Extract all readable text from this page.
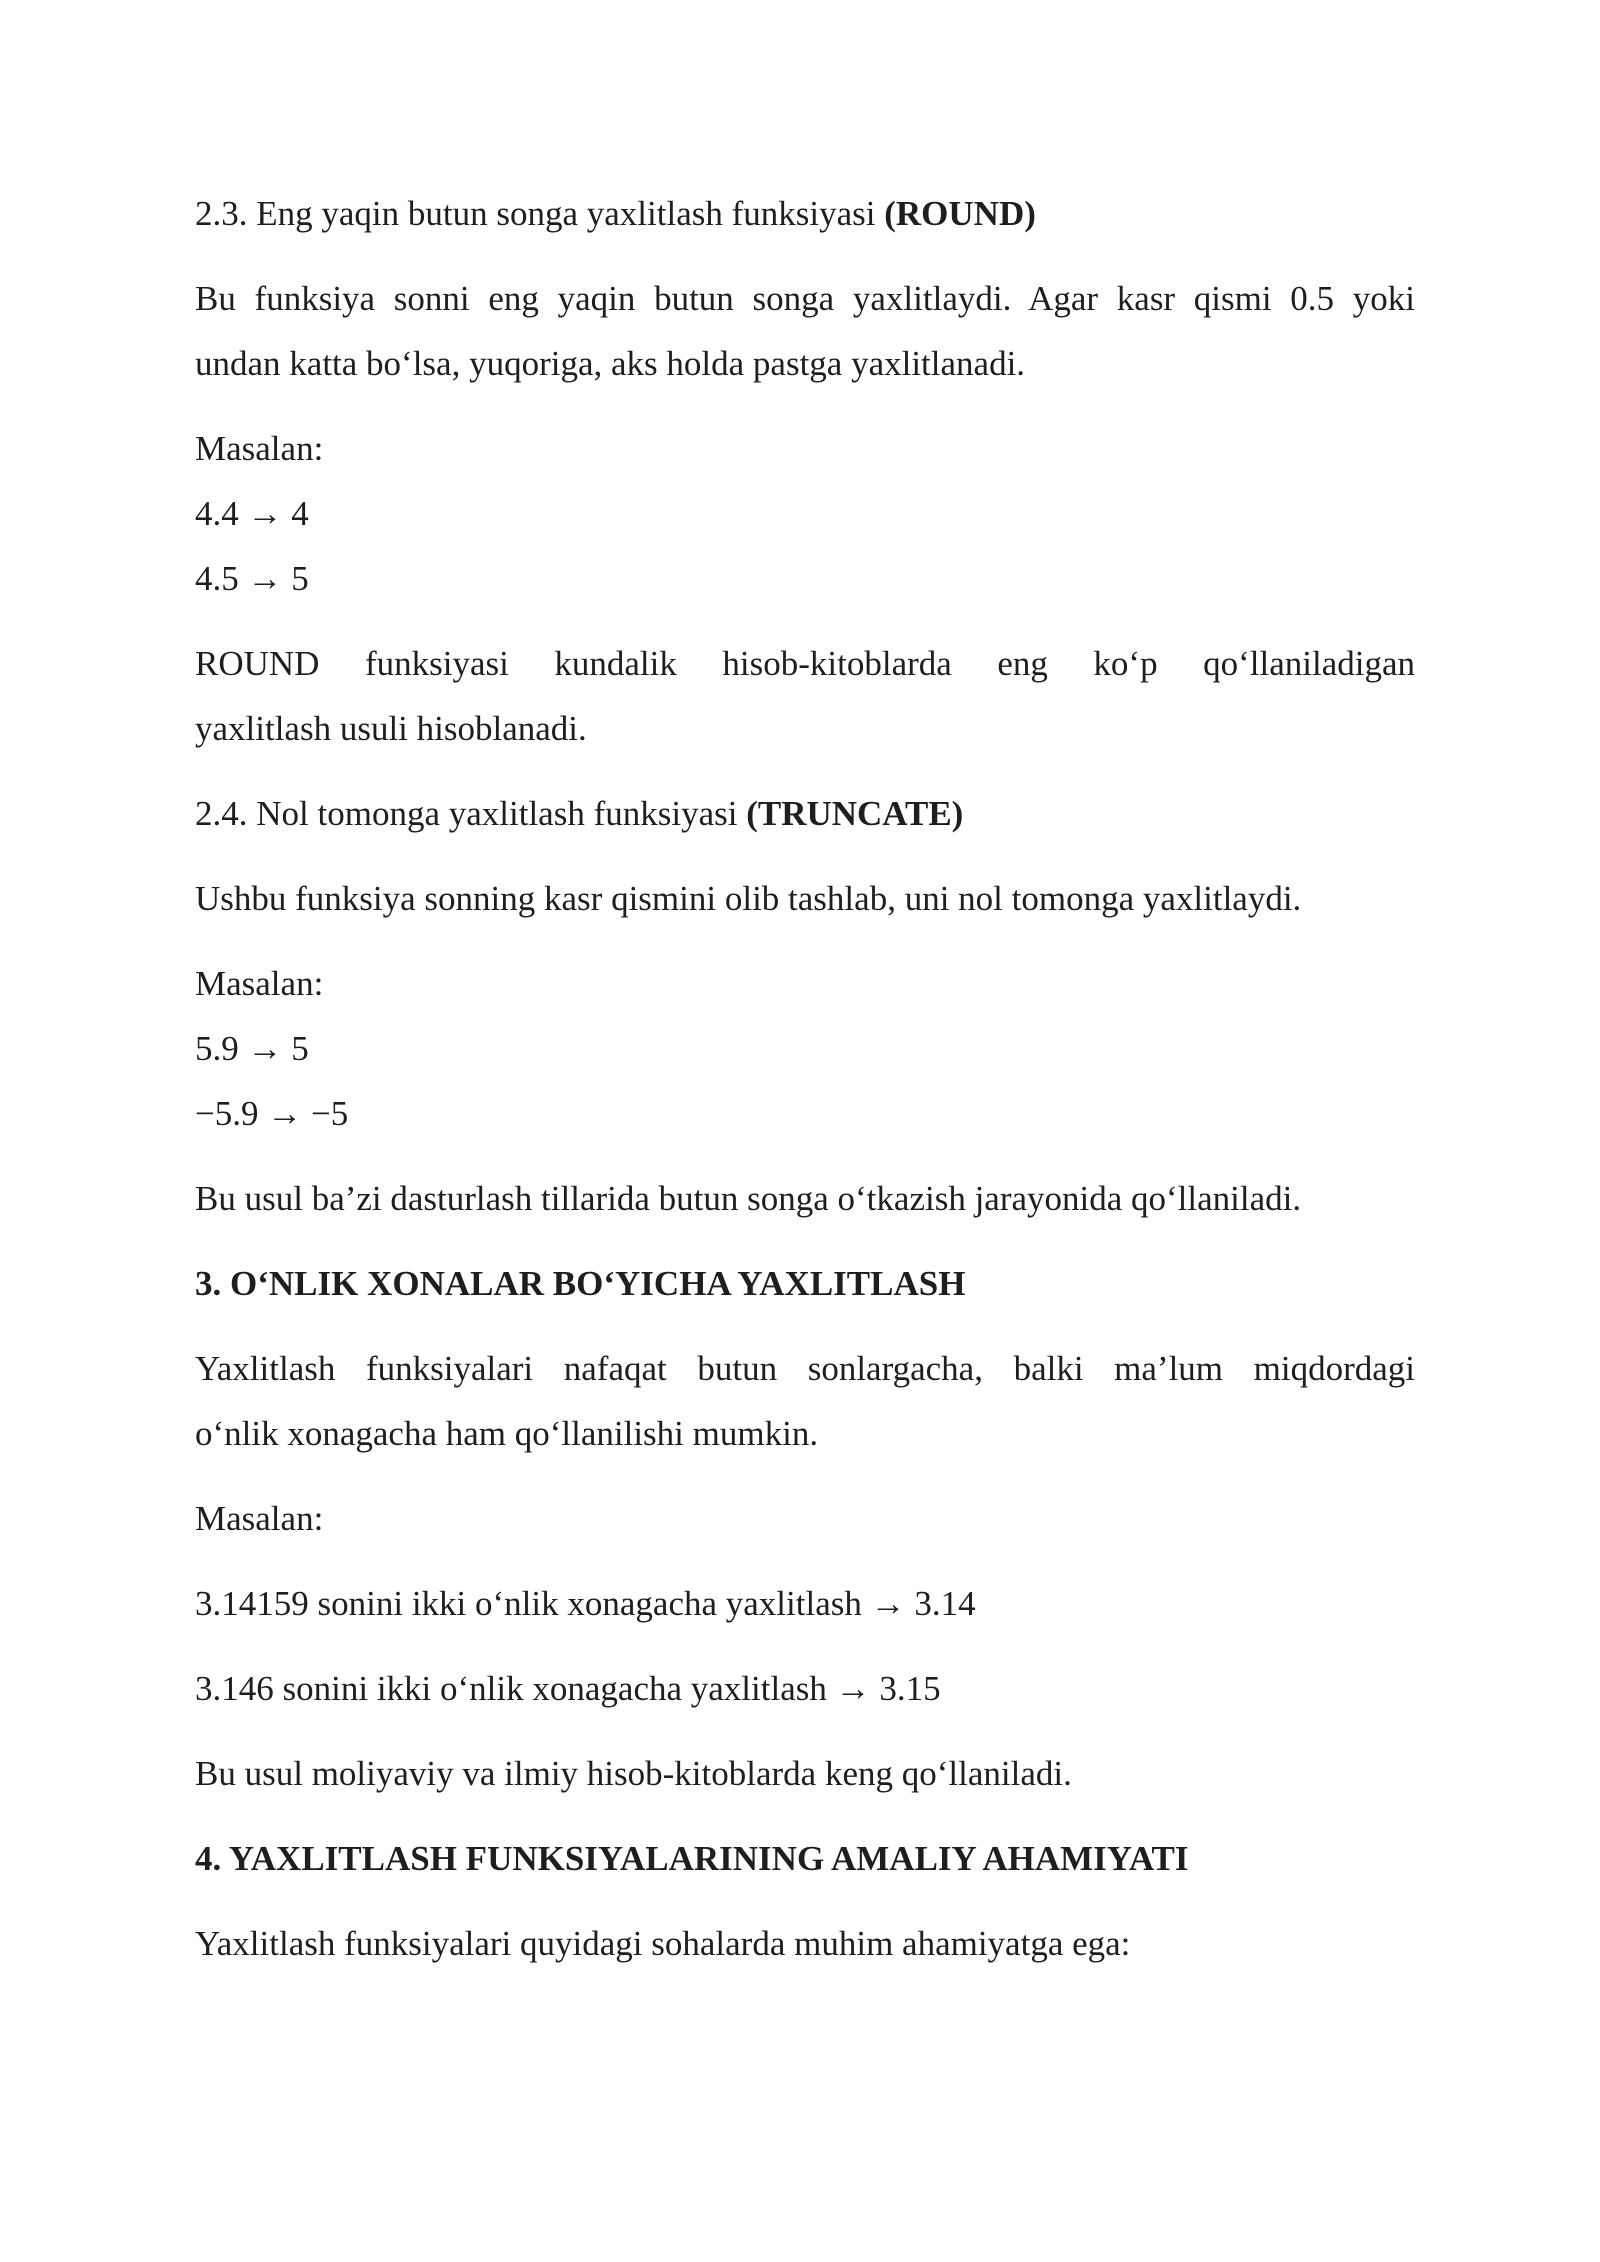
2.3. Eng yaqin butun songa yaxlitlash funksiyasi (ROUND)
Bu funksiya sonni eng yaqin butun songa yaxlitlaydi. Agar kasr qismi 0.5 yoki
undan katta bo‘lsa, yuqoriga, aks holda pastga yaxlitlanadi.
Masalan:
4.4 → 4
4.5 → 5
ROUND funksiyasi kundalik hisob-kitoblarda eng ko‘p qo‘llaniladigan
yaxlitlash usuli hisoblanadi.
2.4. Nol tomonga yaxlitlash funksiyasi (TRUNCATE)
Ushbu funksiya sonning kasr qismini olib tashlab, uni nol tomonga yaxlitlaydi.
Masalan:
5.9 → 5
−5.9 → −5
Bu usul ba’zi dasturlash tillarida butun songa o‘tkazish jarayonida qo‘llaniladi.
3. O‘NLIK XONALAR BO‘YICHA YAXLITLASH
Yaxlitlash funksiyalari nafaqat butun sonlargacha, balki ma’lum miqdordagi
o‘nlik xonagacha ham qo‘llanilishi mumkin.
Masalan:
3.14159 sonini ikki o‘nlik xonagacha yaxlitlash → 3.14
3.146 sonini ikki o‘nlik xonagacha yaxlitlash → 3.15
Bu usul moliyaviy va ilmiy hisob-kitoblarda keng qo‘llaniladi.
4. YAXLITLASH FUNKSIYALARINING AMALIY AHAMIYATI
Yaxlitlash funksiyalari quyidagi sohalarda muhim ahamiyatga ega:
